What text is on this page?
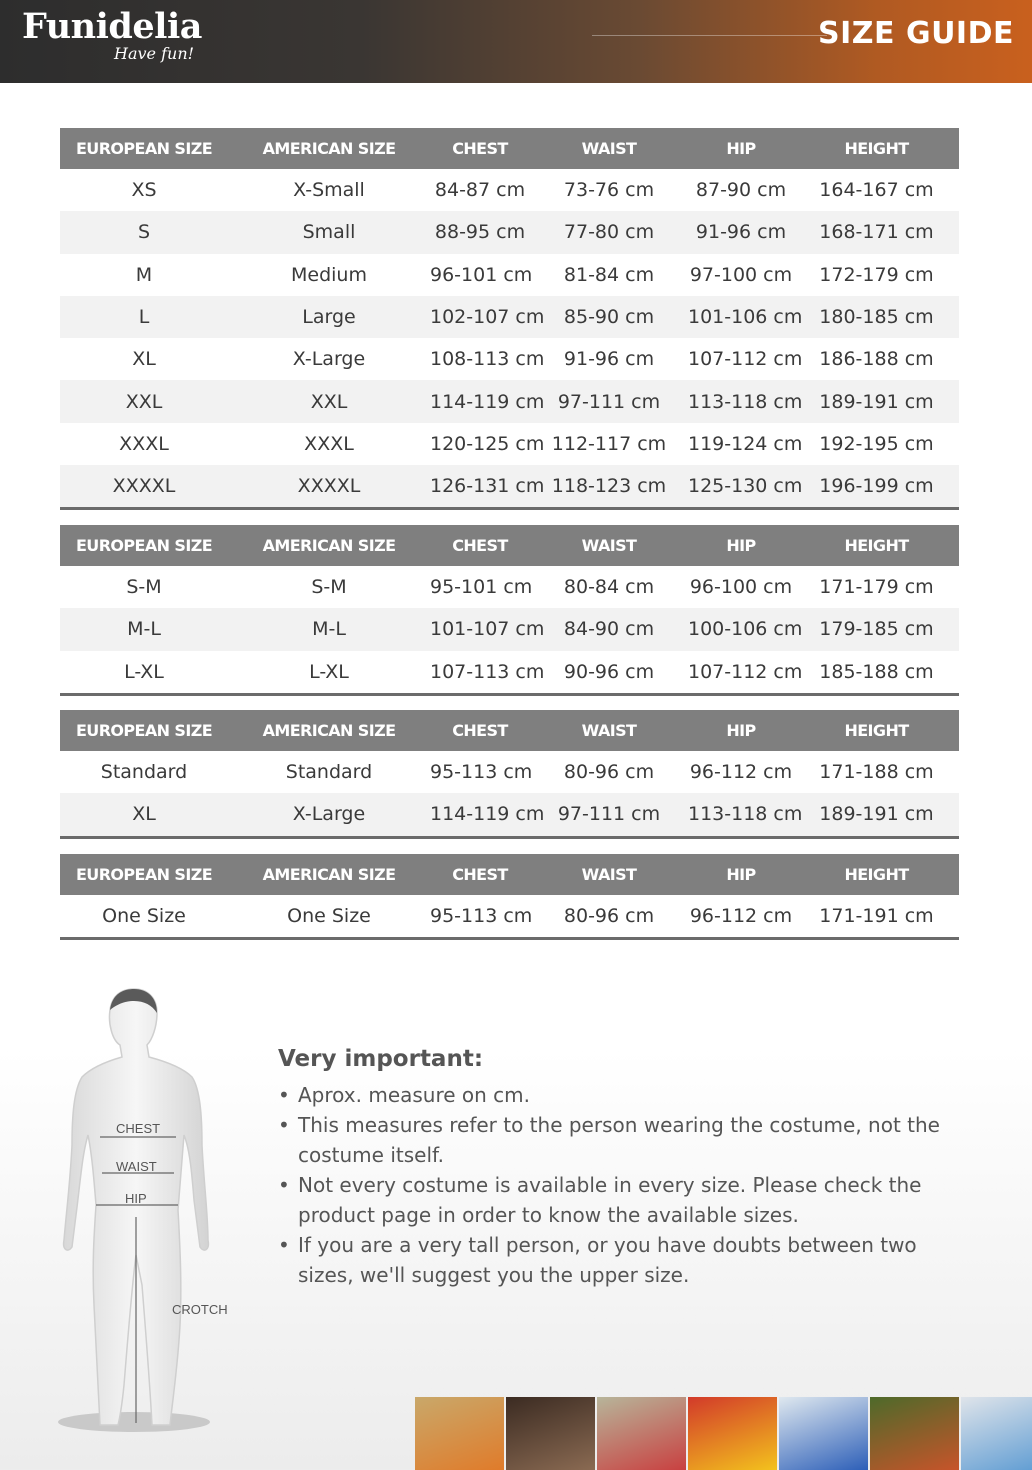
Funidelia
Have fun!
SIZE GUIDE
EUROPEAN SIZE	AMERICAN SIZE	CHEST	WAIST	HIP	HEIGHT
XS	X-Small	84-87 cm	73-76 cm	87-90 cm	164-167 cm
S	Small	88-95 cm	77-80 cm	91-96 cm	168-171 cm
M	Medium	96-101 cm	81-84 cm	97-100 cm	172-179 cm
L	Large	102-107 cm	85-90 cm	101-106 cm 180-185 cm
XL	X-Large	108-113 cm	91-96 cm	107-112 cm 186-188 cm
XXL	XXL	114-119 cm 97-111 cm	113-118 cm 189-191 cm
XXXL	XXXL	120-125 cm 112-117 cm	119-124 cm 192-195 cm
XXXXL	XXXXL	126-131 cm 118-123 cm	125-130 cm 196-199 cm
EUROPEAN SIZE	AMERICAN SIZE	CHEST	WAIST	HIP	HEIGHT
S-M	S-M	95-101 cm	80-84 cm	96-100 cm	171-179 cm
M-L	M-L	101-107 cm	84-90 cm	100-106 cm 179-185 cm
L-XL	L-XL	107-113 cm	90-96 cm	107-112 cm 185-188 cm
EUROPEAN SIZE	AMERICAN SIZE	CHEST	WAIST	HIP	HEIGHT
Standard	Standard	95-113 cm	80-96 cm	96-112 cm	171-188 cm
XL	X-Large	114-119 cm 97-111 cm	113-118 cm 189-191 cm
EUROPEAN SIZE	AMERICAN SIZE	CHEST	WAIST	HIP	HEIGHT
One Size	One Size	95-113 cm	80-96 cm	96-112 cm	171-191 cm
CHEST
WAIST
HIP
CROTCH
Very important:
• Aprox. measure on cm.
• This measures refer to the person wearing the costume, not the costume itself.
• Not every costume is available in every size. Please check the product page in order to know the available sizes.
• If you are a very tall person, or you have doubts between two sizes, we'll suggest you the upper size.
